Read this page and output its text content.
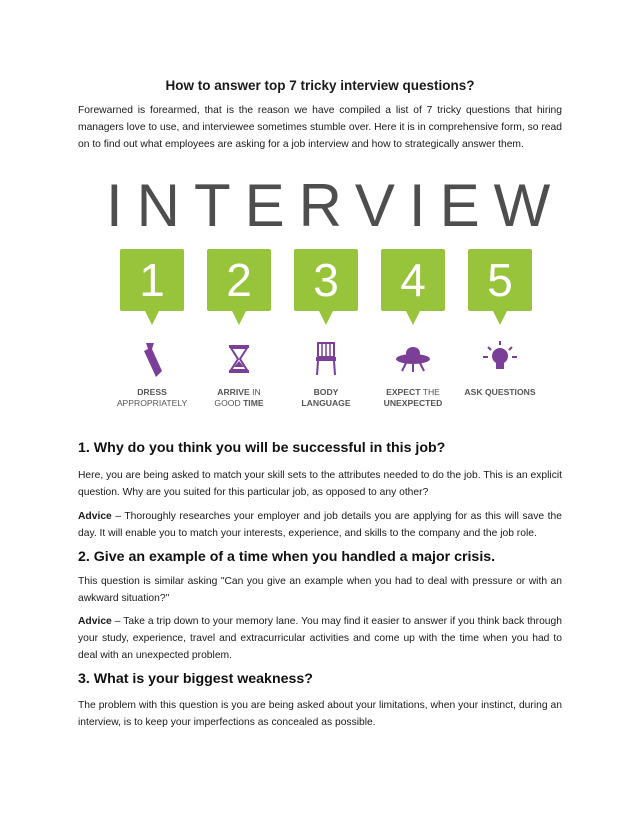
How to answer top 7 tricky interview questions?

Forewarned is forearmed, that is the reason we have compiled a list of 7 tricky questions that hiring managers love to use, and interviewee sometimes stumble over. Here it is in comprehensive form, so read on to find out what employees are asking for a job interview and how to strategically answer them.

INTERVIEW
1
DRESS
APPROPRIATELY
2
ARRIVE IN
GOOD TIME
3
BODY
LANGUAGE
4
EXPECT THE
UNEXPECTED
5
ASK QUESTIONS
1. Why do you think you will be successful in this job?

Here, you are being asked to match your skill sets to the attributes needed to do the job. This is an explicit question. Why are you suited for this particular job, as opposed to any other?

Advice – Thoroughly researches your employer and job details you are applying for as this will save the day. It will enable you to match your interests, experience, and skills to the company and the job role.

2. Give an example of a time when you handled a major crisis.

This question is similar asking "Can you give an example when you had to deal with pressure or with an awkward situation?"

Advice – Take a trip down to your memory lane. You may find it easier to answer if you think back through your study, experience, travel and extracurricular activities and come up with the time when you had to deal with an unexpected problem.

3. What is your biggest weakness?

The problem with this question is you are being asked about your limitations, when your instinct, during an interview, is to keep your imperfections as concealed as possible.
